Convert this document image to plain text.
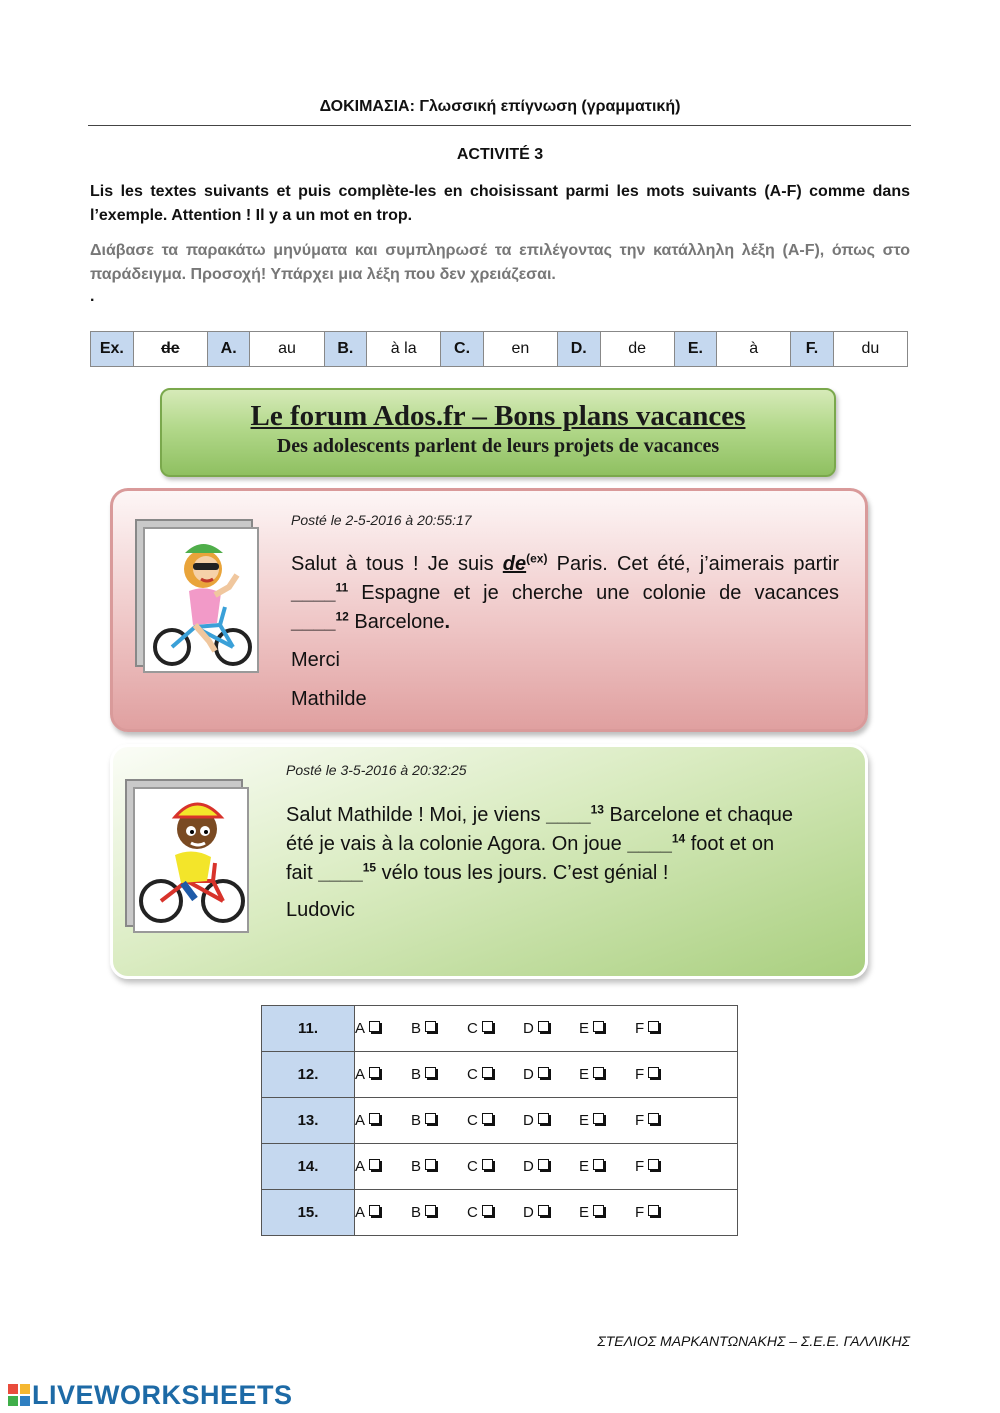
ΔΟΚΙΜΑΣΙΑ: Γλωσσική επίγνωση (γραμματική)
ACTIVITÉ 3
Lis les textes suivants et puis complète-les en choisissant parmi les mots suivants (A-F) comme dans l’exemple. Attention ! Il y a un mot en trop.
Διάβασε τα παρακάτω μηνύματα και συμπληρωσέ τα επιλέγοντας την κατάλληλη λέξη (A-F), όπως στο παράδειγμα. Προσοχή! Υπάρχει μια λέξη που δεν χρειάζεσαι.
.
Ex.	de	A.	au	B.	à la	C.	en	D.	de	E.	à	F.	du
Le forum Ados.fr – Bons plans vacances
Des adolescents parlent de leurs projets de vacances
Posté le 2-5-2016 à 20:55:17
Salut à tous ! Je suis $de^{(ex)}$ Paris. Cet été, j’aimerais partir
____$^{11}$ Espagne et je cherche une colonie de vacances
____$^{12}$ Barcelone.
Merci
Mathilde
Posté le 3-5-2016 à 20:32:25
Salut Mathilde ! Moi, je viens ____$^{13}$ Barcelone et chaque
été je vais à la colonie Agora. On joue ____$^{14}$ foot et on
fait ____$^{15}$ vélo tous les jours. C’est génial !
Ludovic
11.	A B C D E F
12.	A B C D E F
13.	A B C D E F
14.	A B C D E F
15.	A B C D E F
ΣΤΕΛΙΟΣ ΜΑΡΚΑΝΤΩΝΑΚΗΣ – Σ.Ε.Ε. ΓΑΛΛΙΚΗΣ
LIVEWORKSHEETS
